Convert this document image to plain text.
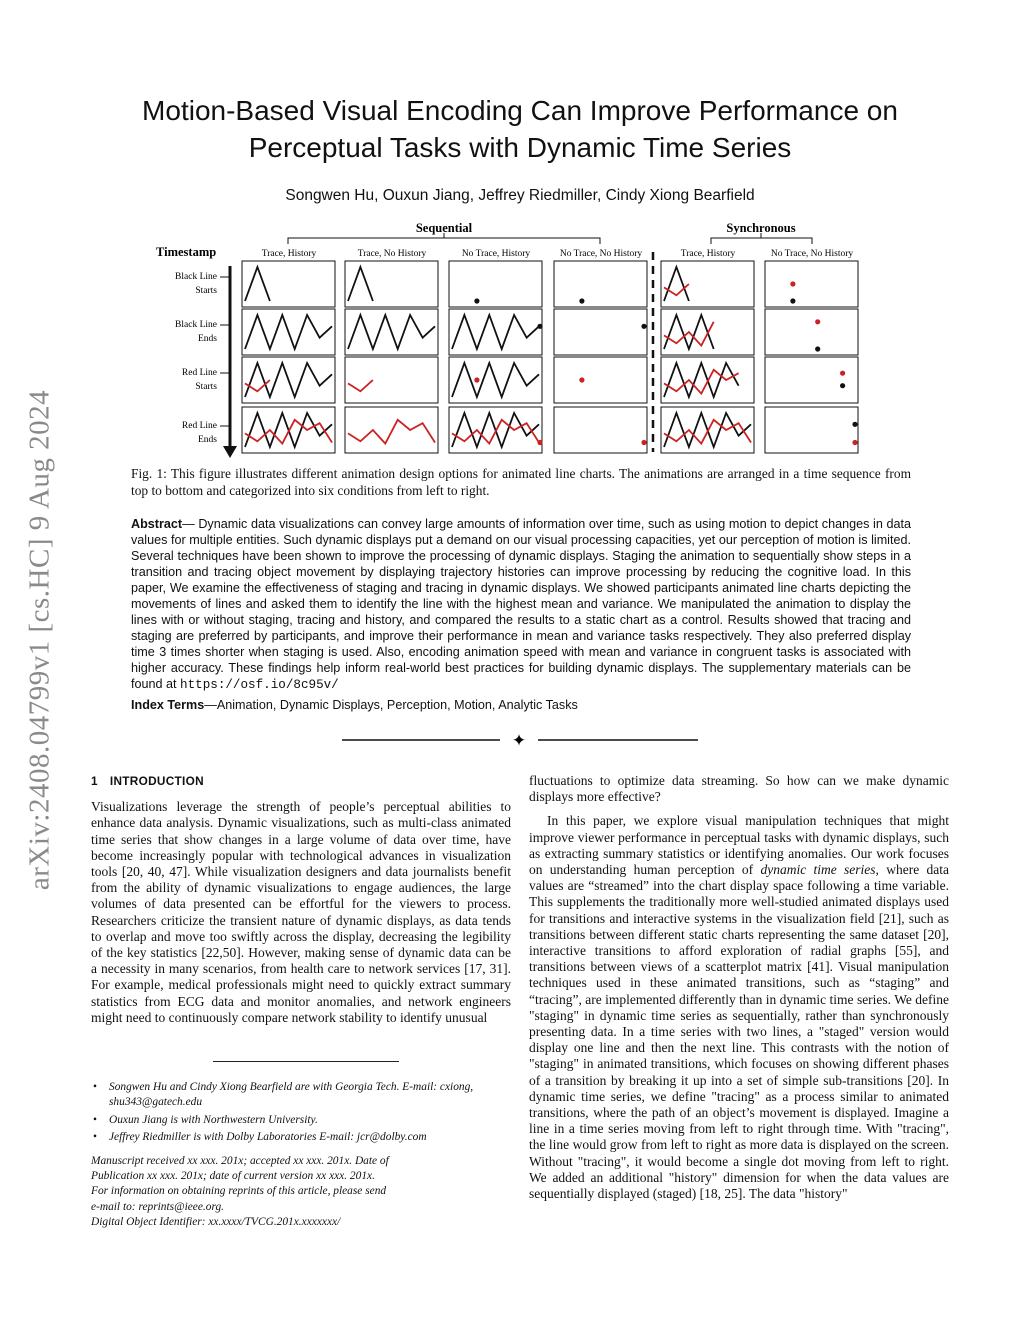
arXiv:2408.04799v1 [cs.HC] 9 Aug 2024
Motion-Based Visual Encoding Can Improve Performance on Perceptual Tasks with Dynamic Time Series
Songwen Hu, Ouxun Jiang, Jeffrey Riedmiller, Cindy Xiong Bearfield
Sequential	Synchronous
Trace, History	Trace, No History	No Trace, History	No Trace, No History	Trace, History	No Trace, No History
Timestamp
Black Line
Starts
Black Line
Ends
Red Line
Starts
Red Line
Ends
Fig. 1: This figure illustrates different animation design options for animated line charts. The animations are arranged in a time sequence from top to bottom and categorized into six conditions from left to right.
Abstract— Dynamic data visualizations can convey large amounts of information over time, such as using motion to depict changes in data values for multiple entities. Such dynamic displays put a demand on our visual processing capacities, yet our perception of motion is limited. Several techniques have been shown to improve the processing of dynamic displays. Staging the animation to sequentially show steps in a transition and tracing object movement by displaying trajectory histories can improve processing by reducing the cognitive load. In this paper, We examine the effectiveness of staging and tracing in dynamic displays. We showed participants animated line charts depicting the movements of lines and asked them to identify the line with the highest mean and variance. We manipulated the animation to display the lines with or without staging, tracing and history, and compared the results to a static chart as a control. Results showed that tracing and staging are preferred by participants, and improve their performance in mean and variance tasks respectively. They also preferred display time 3 times shorter when staging is used. Also, encoding animation speed with mean and variance in congruent tasks is associated with higher accuracy. These findings help inform real-world best practices for building dynamic displays. The supplementary materials can be found at https://osf.io/8c95v/
Index Terms—Animation, Dynamic Displays, Perception, Motion, Analytic Tasks
✦
1 INTRODUCTION

Visualizations leverage the strength of people’s perceptual abilities to enhance data analysis. Dynamic visualizations, such as multi-class animated time series that show changes in a large volume of data over time, have become increasingly popular with technological advances in visualization tools [20, 40, 47]. While visualization designers and data journalists benefit from the ability of dynamic visualizations to engage audiences, the large volumes of data presented can be effortful for the viewers to process. Researchers criticize the transient nature of dynamic displays, as data tends to overlap and move too swiftly across the display, decreasing the legibility of the key statistics [22,50]. However, making sense of dynamic data can be a necessity in many scenarios, from health care to network services [17, 31]. For example, medical professionals might need to quickly extract summary statistics from ECG data and monitor anomalies, and network engineers might need to continuously compare network stability to identify unusual

• Songwen Hu and Cindy Xiong Bearfield are with Georgia Tech. E-mail: cxiong, shu343@gatech.edu
• Ouxun Jiang is with Northwestern University.
• Jeffrey Riedmiller is with Dolby Laboratories E-mail: jcr@dolby.com
Manuscript received xx xxx. 201x; accepted xx xxx. 201x. Date of
Publication xx xxx. 201x; date of current version xx xxx. 201x.
For information on obtaining reprints of this article, please send
e-mail to: reprints@ieee.org.
Digital Object Identifier: xx.xxxx/TVCG.201x.xxxxxxx/

fluctuations to optimize data streaming. So how can we make dynamic displays more effective?

In this paper, we explore visual manipulation techniques that might improve viewer performance in perceptual tasks with dynamic displays, such as extracting summary statistics or identifying anomalies. Our work focuses on understanding human perception of dynamic time series, where data values are “streamed” into the chart display space following a time variable. This supplements the traditionally more well-studied animated displays used for transitions and interactive systems in the visualization field [21], such as transitions between different static charts representing the same dataset [20], interactive transitions to afford exploration of radial graphs [55], and transitions between views of a scatterplot matrix [41]. Visual manipulation techniques used in these animated transitions, such as “staging” and “tracing”, are implemented differently than in dynamic time series. We define "staging" in dynamic time series as sequentially, rather than synchronously presenting data. In a time series with two lines, a "staged" version would display one line and then the next line. This contrasts with the notion of "staging" in animated transitions, which focuses on showing different phases of a transition by breaking it up into a set of simple sub-transitions [20]. In dynamic time series, we define "tracing" as a process similar to animated transitions, where the path of an object’s movement is displayed. Imagine a line in a time series moving from left to right through time. With "tracing", the line would grow from left to right as more data is displayed on the screen. Without "tracing", it would become a single dot moving from left to right. We added an additional "history" dimension for when the data values are sequentially displayed (staged) [18, 25]. The data "history"
